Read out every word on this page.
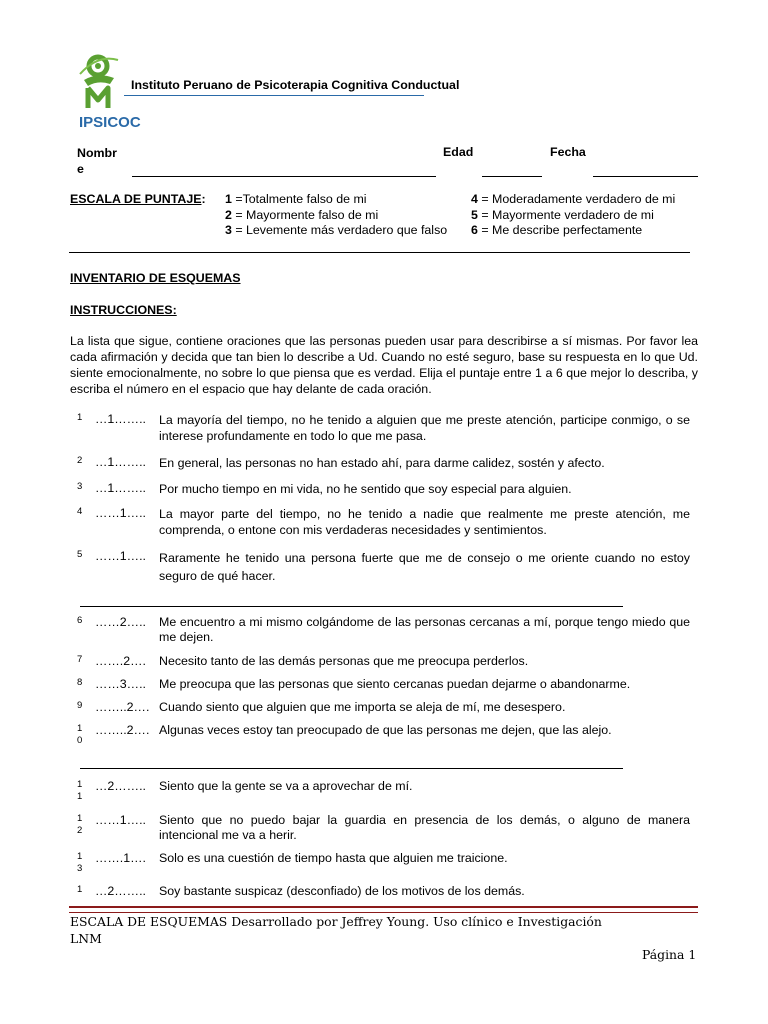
Instituto Peruano de Psicoterapia Cognitiva Conductual
IPSICOC
Nombr
e
Edad	Fecha
ESCALA DE PUNTAJE: 1 =Totalmente falso de mi
2 = Mayormente falso de mi
3 = Levemente más verdadero que falso
4 = Moderadamente verdadero de mi
5 = Mayormente verdadero de mi
6 = Me describe perfectamente
INVENTARIO DE ESQUEMAS
INSTRUCCIONES:
La lista que sigue, contiene oraciones que las personas pueden usar para describirse a sí mismas. Por favor lea cada afirmación y decida que tan bien lo describe a Ud. Cuando no esté seguro, base su respuesta en lo que Ud. siente emocionalmente, no sobre lo que piensa que es verdad. Elija el puntaje entre 1 a 6 que mejor lo describa, y escriba el número en el espacio que hay delante de cada oración.
1 …1…….. La mayoría del tiempo, no he tenido a alguien que me preste atención, participe conmigo, o se interese profundamente en todo lo que me pasa.
2 …1…….. En general, las personas no han estado ahí, para darme calidez, sostén y afecto.
3 …1…….. Por mucho tiempo en mi vida, no he sentido que soy especial para alguien.
4 ……1….. La mayor parte del tiempo, no he tenido a nadie que realmente me preste atención, me comprenda, o entone con mis verdaderas necesidades y sentimientos.
5 ……1….. Raramente he tenido una persona fuerte que me de consejo o me oriente cuando no estoy seguro de qué hacer.
6 ……2….. Me encuentro a mi mismo colgándome de las personas cercanas a mí, porque tengo miedo que me dejen.
7 …….2…. Necesito tanto de las demás personas que me preocupa perderlos.
8 ……3….. Me preocupa que las personas que siento cercanas puedan dejarme o abandonarme.
9 ……..2…. Cuando siento que alguien que me importa se aleja de mí, me desespero.
1
0
……..2…. Algunas veces estoy tan preocupado de que las personas me dejen, que las alejo.
1
1
…2…….. Siento que la gente se va a aprovechar de mí.
1
2
……1….. Siento que no puedo bajar la guardia en presencia de los demás, o alguno de manera intencional me va a herir.
1
3
…….1…. Solo es una cuestión de tiempo hasta que alguien me traicione.
1 …2…….. Soy bastante suspicaz (desconfiado) de los motivos de los demás.
ESCALA DE ESQUEMAS Desarrollado por Jeffrey Young. Uso clínico e Investigación
LNM
Página 1
